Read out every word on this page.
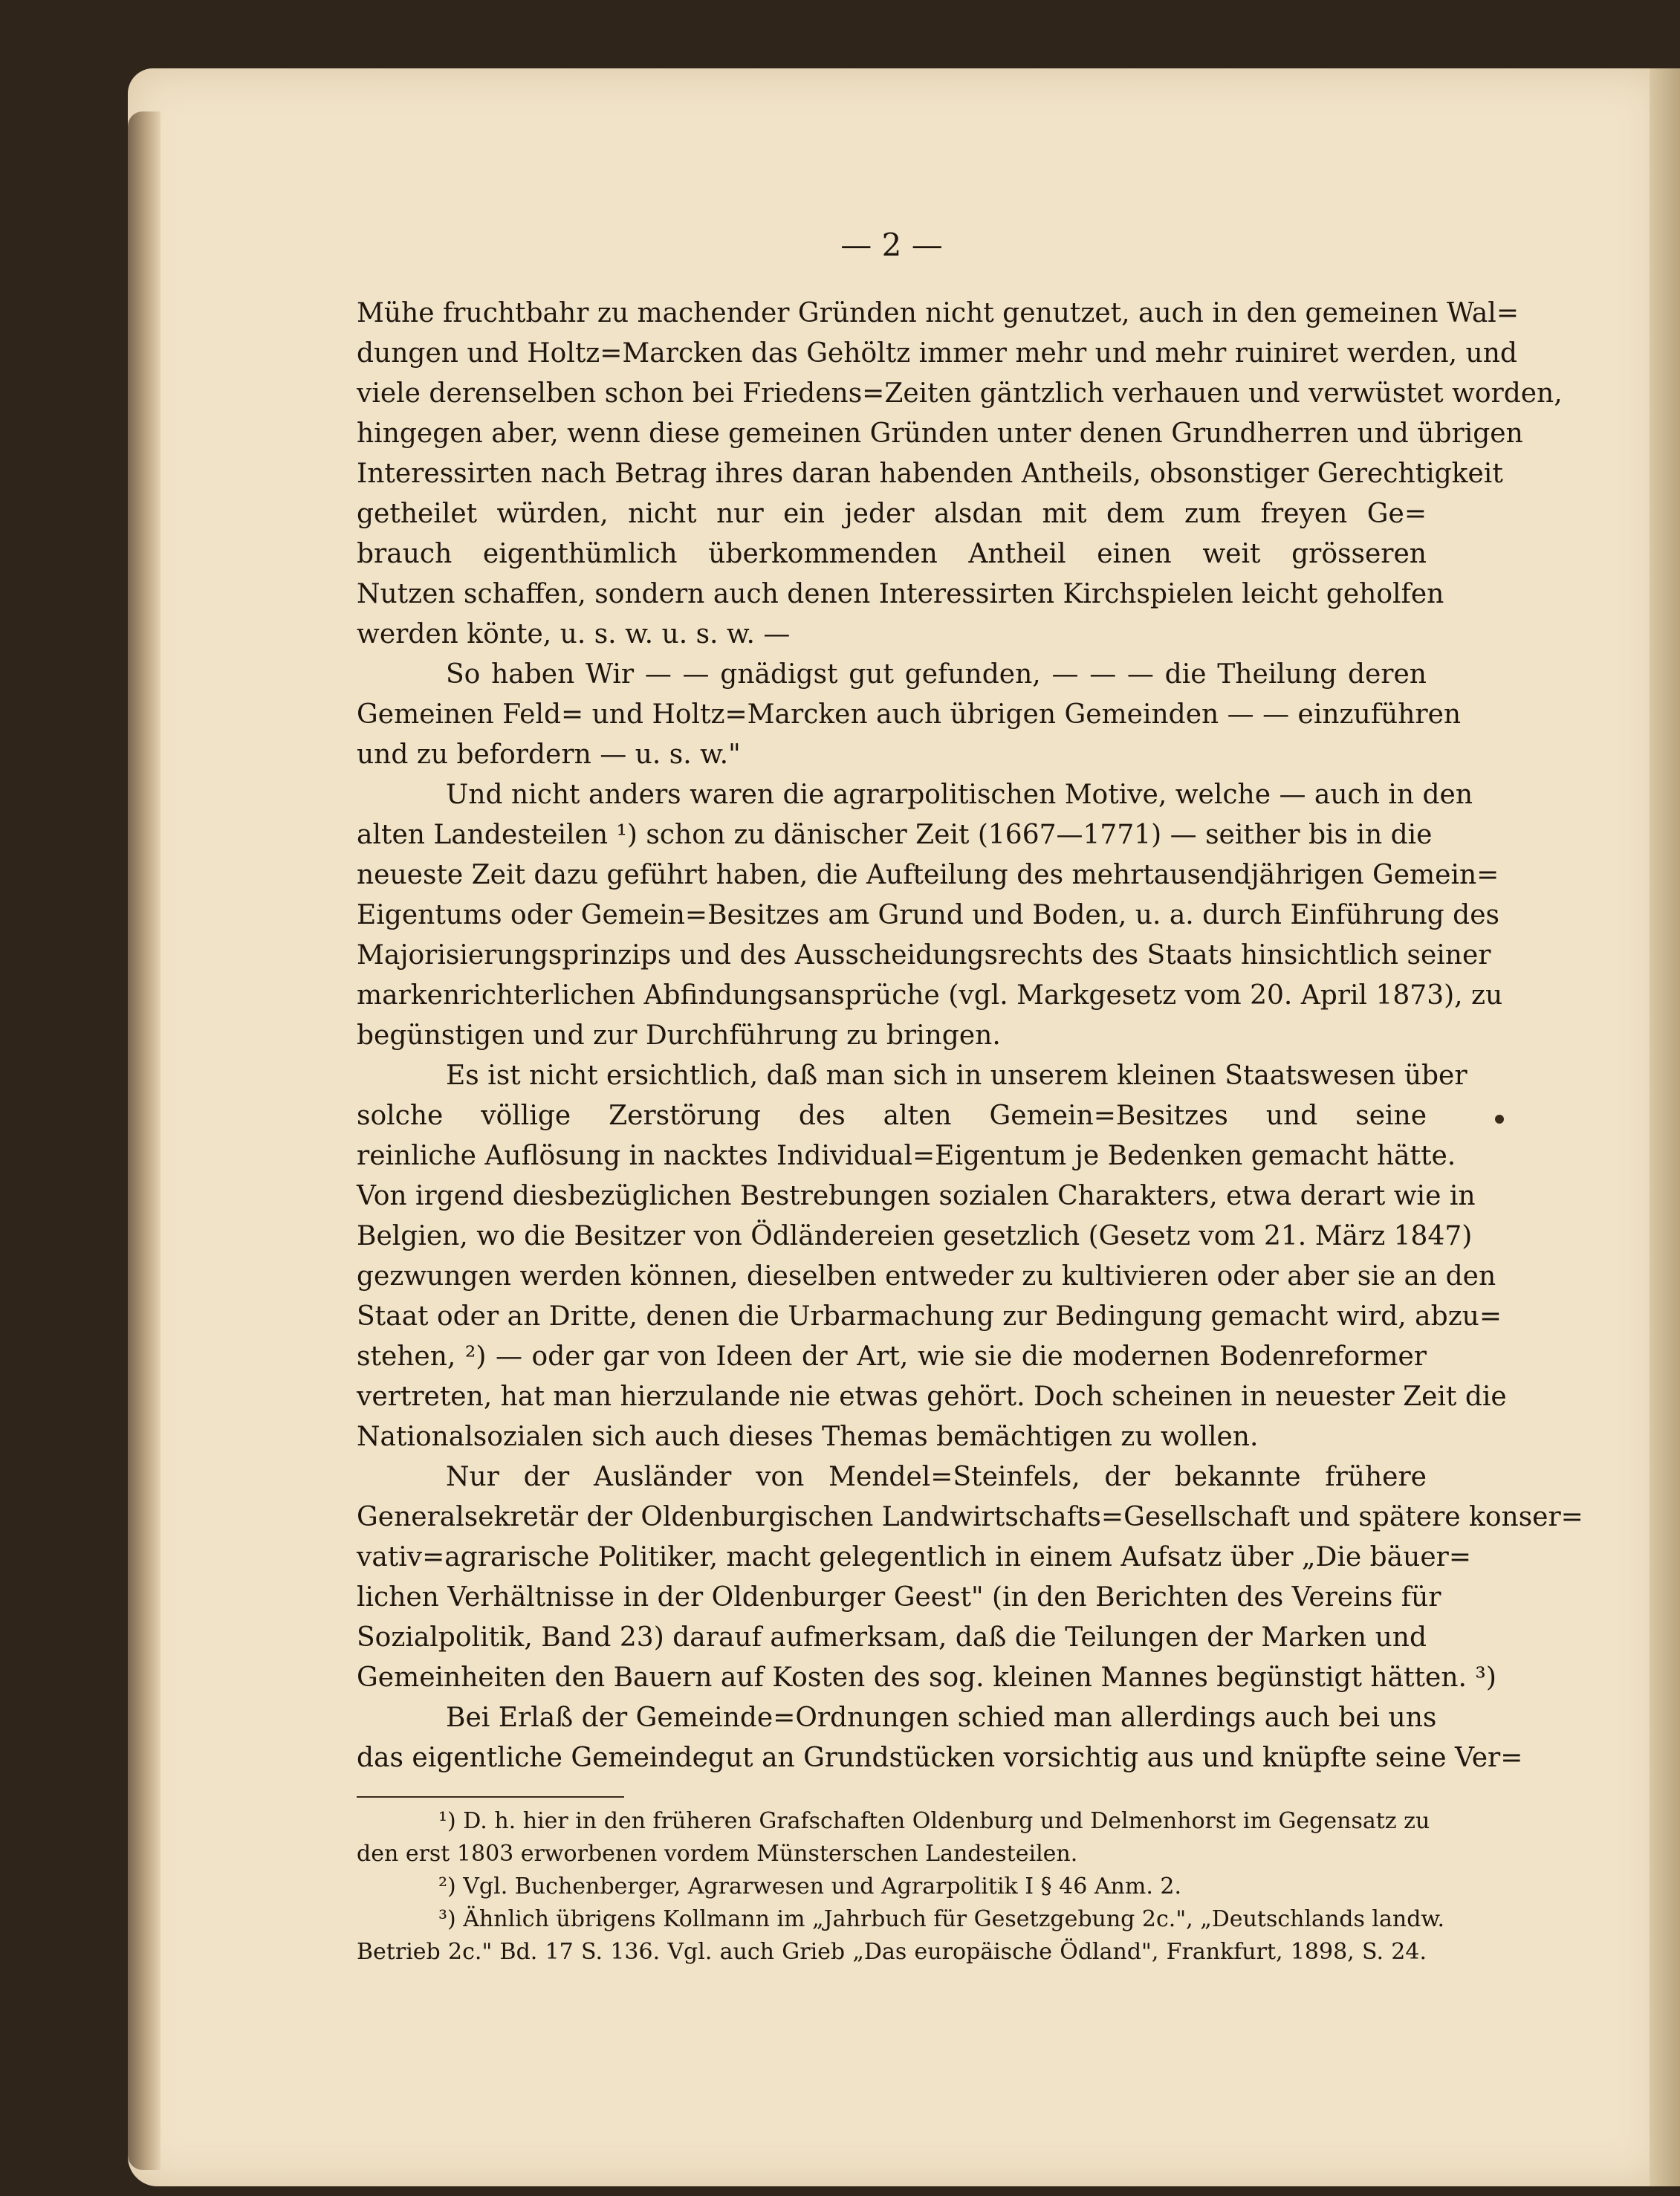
— 2 —
Mühe fruchtbahr zu machender Gründen nicht genutzet, auch in den gemeinen Wal=
dungen und Holtz=Marcken das Gehöltz immer mehr und mehr ruiniret werden, und
viele derenselben schon bei Friedens=Zeiten gäntzlich verhauen und verwüstet worden,
hingegen aber, wenn diese gemeinen Gründen unter denen Grundherren und übrigen
Interessirten nach Betrag ihres daran habenden Antheils, obsonstiger Gerechtigkeit
getheilet würden, nicht nur ein jeder alsdan mit dem zum freyen Ge=
brauch eigenthümlich überkommenden Antheil einen weit grösseren
Nutzen schaffen, sondern auch denen Interessirten Kirchspielen leicht geholfen
werden könte, u. s. w. u. s. w. —
So haben Wir — — gnädigst gut gefunden, — — — die Theilung deren
Gemeinen Feld= und Holtz=Marcken auch übrigen Gemeinden — — einzuführen
und zu befordern — u. s. w."
Und nicht anders waren die agrarpolitischen Motive, welche — auch in den
alten Landesteilen ¹) schon zu dänischer Zeit (1667—1771) — seither bis in die
neueste Zeit dazu geführt haben, die Aufteilung des mehrtausendjährigen Gemein=
Eigentums oder Gemein=Besitzes am Grund und Boden, u. a. durch Einführung des
Majorisierungsprinzips und des Ausscheidungsrechts des Staats hinsichtlich seiner
markenrichterlichen Abfindungsansprüche (vgl. Markgesetz vom 20. April 1873), zu
begünstigen und zur Durchführung zu bringen.
Es ist nicht ersichtlich, daß man sich in unserem kleinen Staatswesen über
solche völlige Zerstörung des alten Gemein=Besitzes und seine
reinliche Auflösung in nacktes Individual=Eigentum je Bedenken gemacht hätte.
Von irgend diesbezüglichen Bestrebungen sozialen Charakters, etwa derart wie in
Belgien, wo die Besitzer von Ödländereien gesetzlich (Gesetz vom 21. März 1847)
gezwungen werden können, dieselben entweder zu kultivieren oder aber sie an den
Staat oder an Dritte, denen die Urbarmachung zur Bedingung gemacht wird, abzu=
stehen, ²) — oder gar von Ideen der Art, wie sie die modernen Bodenreformer
vertreten, hat man hierzulande nie etwas gehört. Doch scheinen in neuester Zeit die
Nationalsozialen sich auch dieses Themas bemächtigen zu wollen.
Nur der Ausländer von Mendel=Steinfels, der bekannte frühere
Generalsekretär der Oldenburgischen Landwirtschafts=Gesellschaft und spätere konser=
vativ=agrarische Politiker, macht gelegentlich in einem Aufsatz über „Die bäuer=
lichen Verhältnisse in der Oldenburger Geest" (in den Berichten des Vereins für
Sozialpolitik, Band 23) darauf aufmerksam, daß die Teilungen der Marken und
Gemeinheiten den Bauern auf Kosten des sog. kleinen Mannes begünstigt hätten. ³)
Bei Erlaß der Gemeinde=Ordnungen schied man allerdings auch bei uns
das eigentliche Gemeindegut an Grundstücken vorsichtig aus und knüpfte seine Ver=
¹) D. h. hier in den früheren Grafschaften Oldenburg und Delmenhorst im Gegensatz zu
den erst 1803 erworbenen vordem Münsterschen Landesteilen.
²) Vgl. Buchenberger, Agrarwesen und Agrarpolitik I § 46 Anm. 2.
³) Ähnlich übrigens Kollmann im „Jahrbuch für Gesetzgebung 2c.", „Deutschlands landw.
Betrieb 2c." Bd. 17 S. 136. Vgl. auch Grieb „Das europäische Ödland", Frankfurt, 1898, S. 24.
